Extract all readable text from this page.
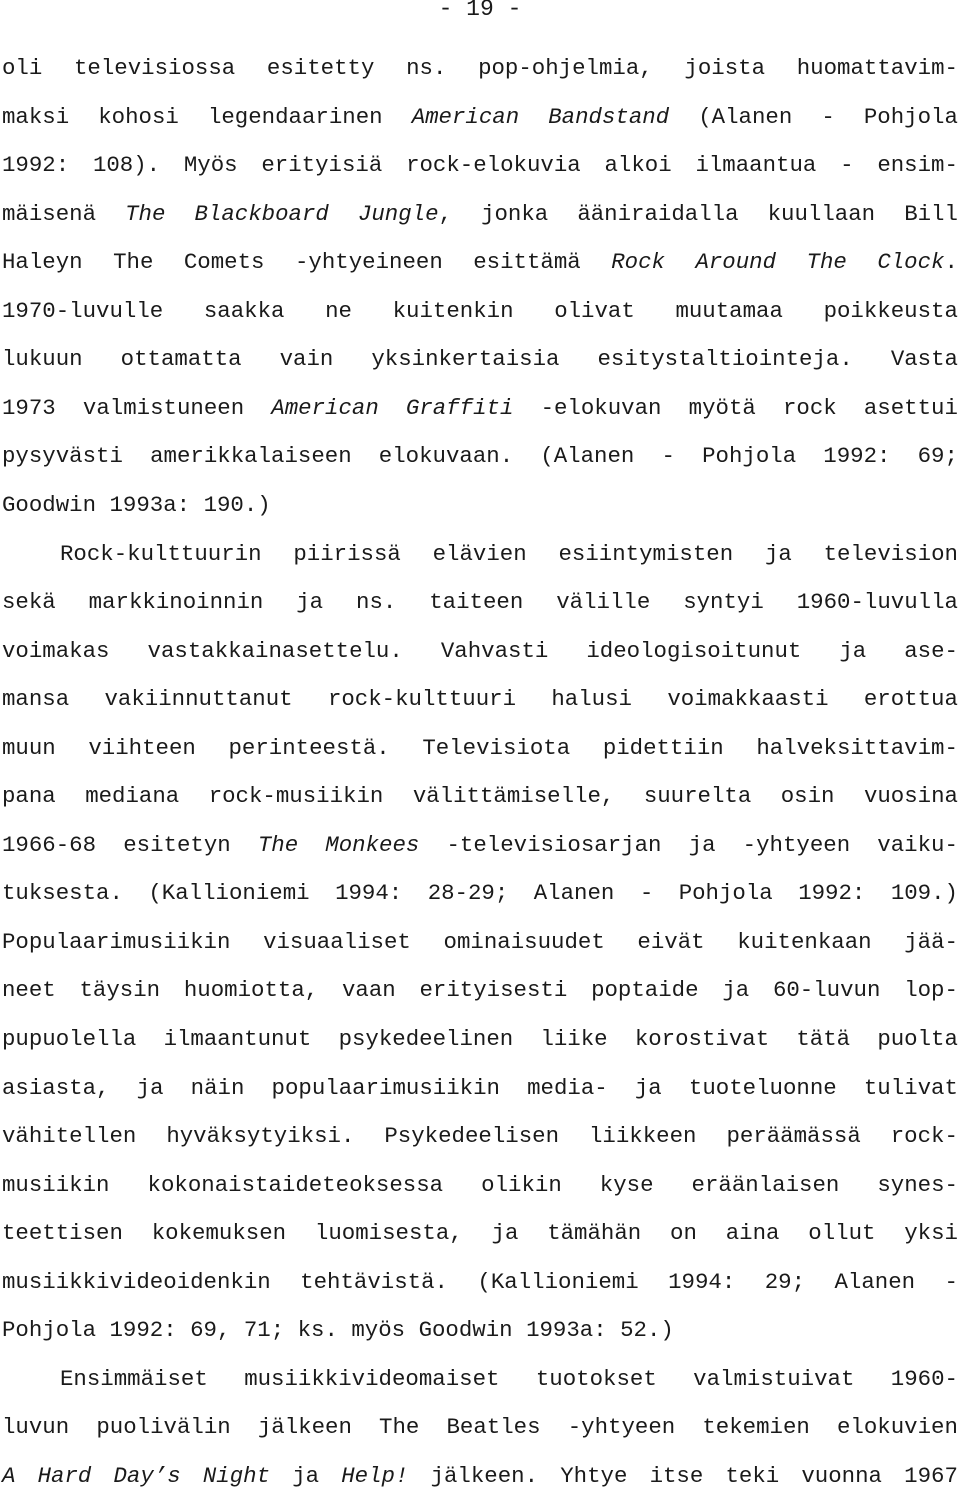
- 19 -
oli televisiossa esitetty ns. pop-ohjelmia, joista huomattavim-
maksi kohosi legendaarinen American Bandstand (Alanen - Pohjola
1992: 108). Myös erityisiä rock-elokuvia alkoi ilmaantua - ensim-
mäisenä The Blackboard Jungle, jonka ääniraidalla kuullaan Bill
Haleyn The Comets -yhtyeineen esittämä Rock Around The Clock.
1970-luvulle saakka ne kuitenkin olivat muutamaa poikkeusta
lukuun ottamatta vain yksinkertaisia esitystaltiointeja. Vasta
1973 valmistuneen American Graffiti -elokuvan myötä rock asettui
pysyvästi amerikkalaiseen elokuvaan. (Alanen - Pohjola 1992: 69;
Goodwin 1993a: 190.)
Rock-kulttuurin piirissä elävien esiintymisten ja television
sekä markkinoinnin ja ns. taiteen välille syntyi 1960-luvulla
voimakas vastakkainasettelu. Vahvasti ideologisoitunut ja ase-
mansa vakiinnuttanut rock-kulttuuri halusi voimakkaasti erottua
muun viihteen perinteestä. Televisiota pidettiin halveksittavim-
pana mediana rock-musiikin välittämiselle, suurelta osin vuosina
1966-68 esitetyn The Monkees -televisiosarjan ja -yhtyeen vaiku-
tuksesta. (Kallioniemi 1994: 28-29; Alanen - Pohjola 1992: 109.)
Populaarimusiikin visuaaliset ominaisuudet eivät kuitenkaan jää-
neet täysin huomiotta, vaan erityisesti poptaide ja 60-luvun lop-
pupuolella ilmaantunut psykedeelinen liike korostivat tätä puolta
asiasta, ja näin populaarimusiikin media- ja tuoteluonne tulivat
vähitellen hyväksytyiksi. Psykedeelisen liikkeen peräämässä rock-
musiikin kokonaistaideteoksessa olikin kyse eräänlaisen synes-
teettisen kokemuksen luomisesta, ja tämähän on aina ollut yksi
musiikkivideoidenkin tehtävistä. (Kallioniemi 1994: 29; Alanen -
Pohjola 1992: 69, 71; ks. myös Goodwin 1993a: 52.)
Ensimmäiset musiikkivideomaiset tuotokset valmistuivat 1960-
luvun puolivälin jälkeen The Beatles -yhtyeen tekemien elokuvien
A Hard Day’s Night ja Help! jälkeen. Yhtye itse teki vuonna 1967
